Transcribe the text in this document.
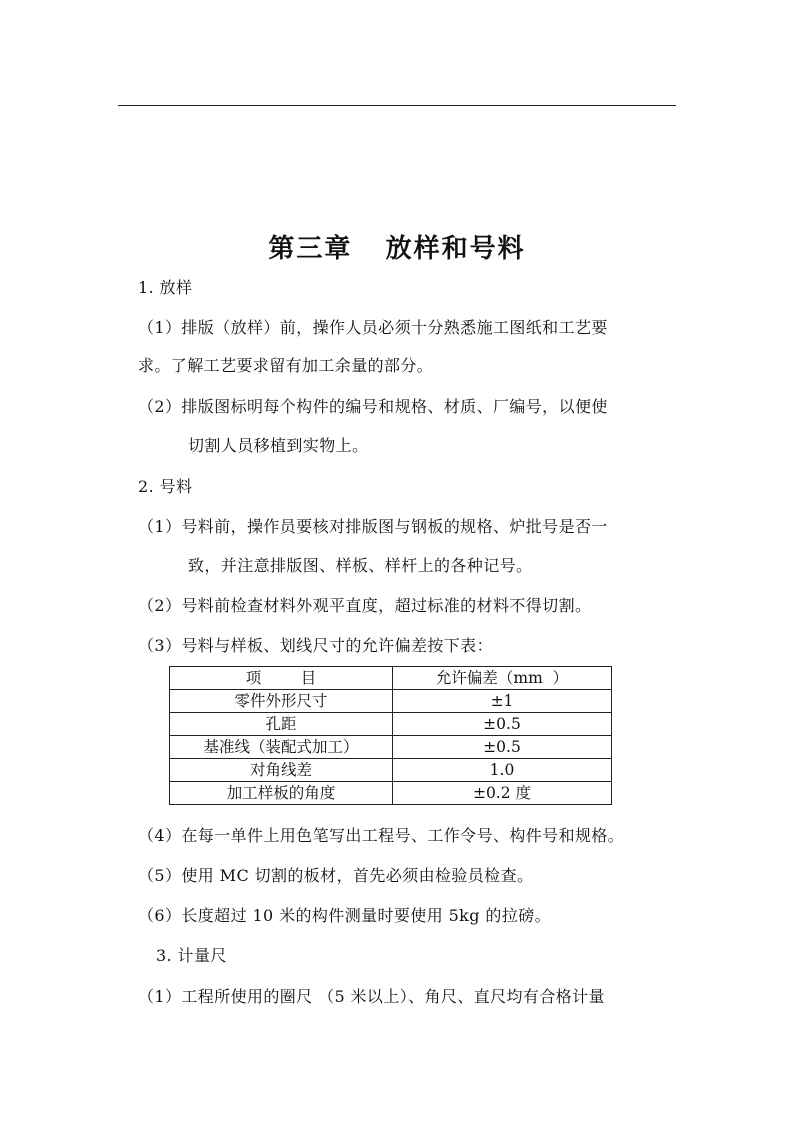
第三章   放样和号料
1. 放样
（1）排版（放样）前，操作人员必须十分熟悉施工图纸和工艺要
求。了解工艺要求留有加工余量的部分。
（2）排版图标明每个构件的编号和规格、材质、厂编号，以便使
切割人员移植到实物上。
2. 号料
（1）号料前，操作员要核对排版图与钢板的规格、炉批号是否一
致，并注意排版图、样板、样杆上的各种记号。
（2）号料前检查材料外观平直度，超过标准的材料不得切割。
（3）号料与样板、划线尺寸的允许偏差按下表：
项        目	允许偏差（mm  ）
零件外形尺寸	±1
孔距	±0.5
基准线（装配式加工）	±0.5
对角线差	1.0
加工样板的角度	±0.2 度
（4）在每一单件上用色笔写出工程号、工作令号、构件号和规格。
（5）使用 MC 切割的板材，首先必须由检验员检查。
（6）长度超过 10 米的构件测量时要使用 5kg 的拉磅。
3. 计量尺
（1）工程所使用的圈尺 （5 米以上）、角尺、直尺均有合格计量
